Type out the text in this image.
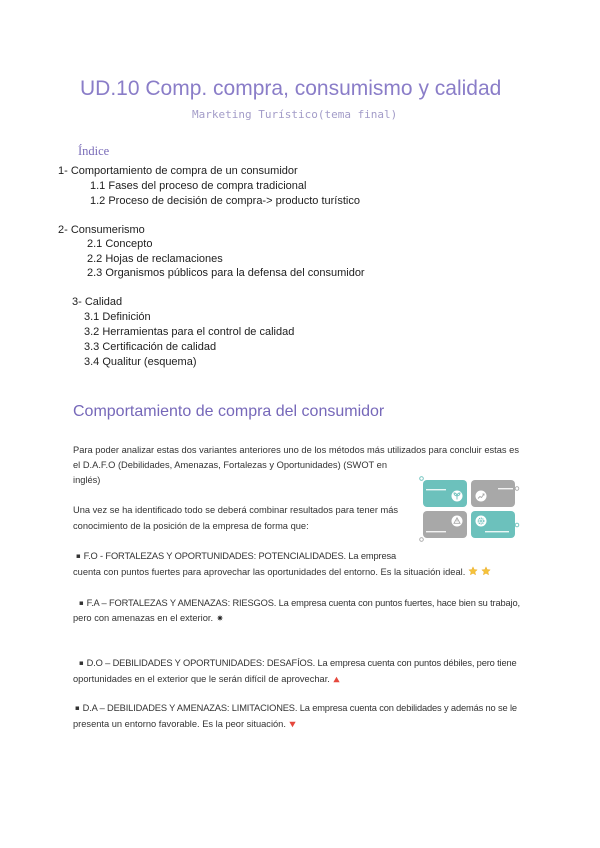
UD.10 Comp. compra, consumismo y calidad
Marketing Turístico(tema final)
Índice
1- Comportamiento de compra de un consumidor
1.1 Fases del proceso de compra tradicional
1.2 Proceso de decisión de compra-> producto turístico
2- Consumerismo
2.1 Concepto
2.2 Hojas de reclamaciones
2.3 Organismos públicos para la defensa del consumidor
3- Calidad
3.1 Definición
3.2 Herramientas para el control de calidad
3.3 Certificación de calidad
3.4 Qualitur (esquema)
Comportamiento de compra del consumidor
Para poder analizar estas dos variantes anteriores uno de los métodos más utilizados para concluir estas es
el D.A.F.O (Debilidades, Amenazas, Fortalezas y Oportunidades) (SWOT en
inglés)
Una vez se ha identificado todo se deberá combinar resultados para tener más
conocimiento de la posición de la empresa de forma que:
▪ F.O - FORTALEZAS Y OPORTUNIDADES: POTENCIALIDADES. La empresa
cuenta con puntos fuertes para aprovechar las oportunidades del entorno. Es la situación ideal.
▪ F.A – FORTALEZAS Y AMENAZAS: RIESGOS. La empresa cuenta con puntos fuertes, hace bien su trabajo,
pero con amenazas en el exterior.
▪ D.O – DEBILIDADES Y OPORTUNIDADES: DESAFÍOS. La empresa cuenta con puntos débiles, pero tiene
oportunidades en el exterior que le serán difícil de aprovechar.
▪ D.A – DEBILIDADES Y AMENAZAS: LIMITACIONES. La empresa cuenta con debilidades y además no se le
presenta un entorno favorable. Es la peor situación.
